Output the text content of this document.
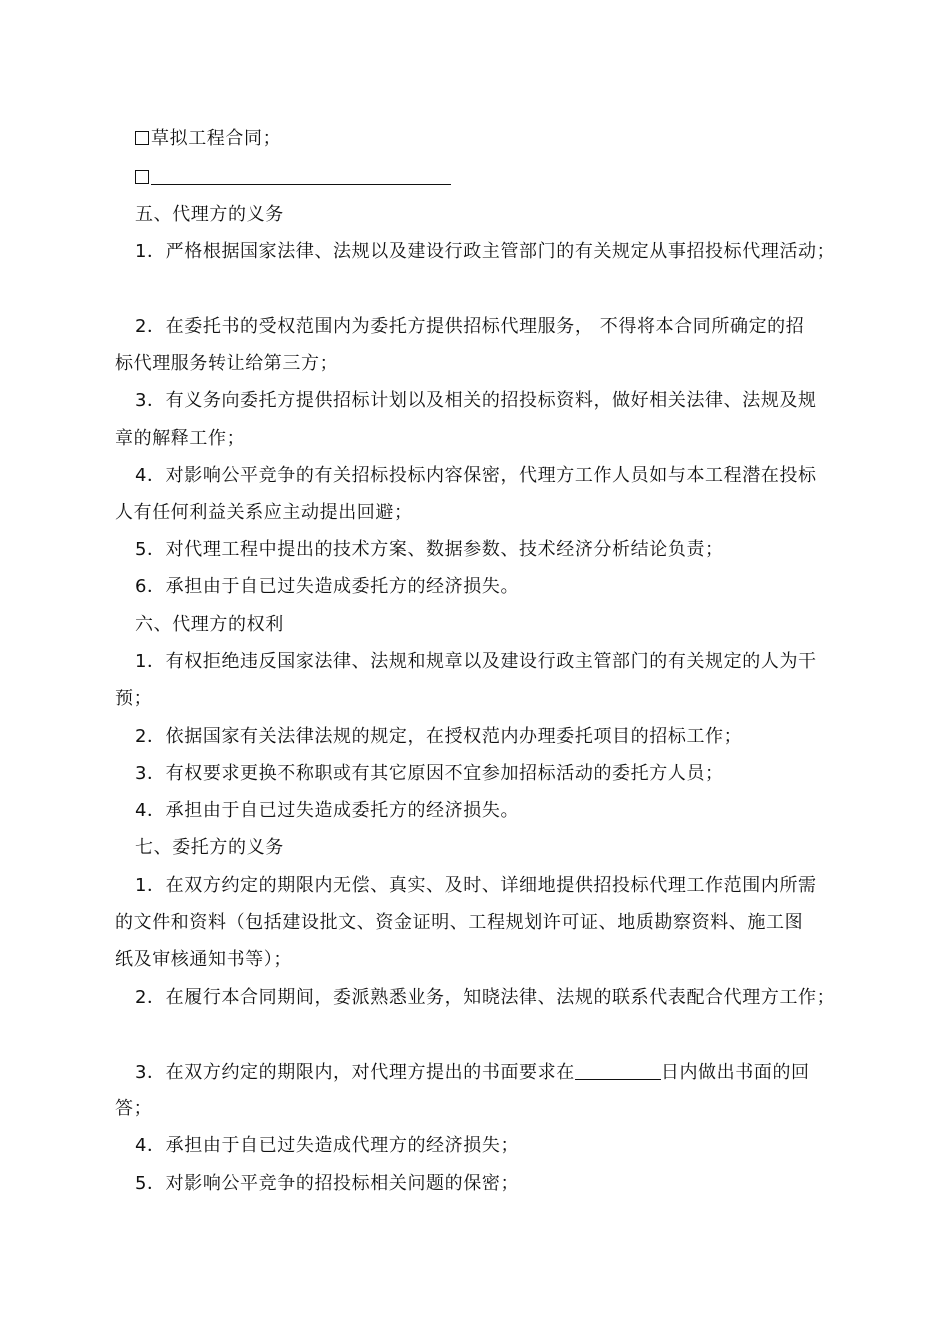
草拟工程合同；
五、代理方的义务
1．严格根据国家法律、法规以及建设行政主管部门的有关规定从事招投标代理活动；
2．在委托书的受权范围内为委托方提供招标代理服务， 不得将本合同所确定的招
标代理服务转让给第三方；
3．有义务向委托方提供招标计划以及相关的招投标资料，做好相关法律、法规及规
章的解释工作；
4．对影响公平竞争的有关招标投标内容保密，代理方工作人员如与本工程潜在投标
人有任何利益关系应主动提出回避；
5．对代理工程中提出的技术方案、数据参数、技术经济分析结论负责；
6．承担由于自已过失造成委托方的经济损失。
六、代理方的权利
1．有权拒绝违反国家法律、法规和规章以及建设行政主管部门的有关规定的人为干
预；
2．依据国家有关法律法规的规定，在授权范内办理委托项目的招标工作；
3．有权要求更换不称职或有其它原因不宜参加招标活动的委托方人员；
4．承担由于自已过失造成委托方的经济损失。
七、委托方的义务
1．在双方约定的期限内无偿、真实、及时、详细地提供招投标代理工作范围内所需
的文件和资料（包括建设批文、资金证明、工程规划许可证、地质勘察资料、施工图
纸及审核通知书等）；
2．在履行本合同期间，委派熟悉业务，知晓法律、法规的联系代表配合代理方工作；
3．在双方约定的期限内，对代理方提出的书面要求在	日内做出书面的回
答；
4．承担由于自已过失造成代理方的经济损失；
5．对影响公平竞争的招投标相关问题的保密；
